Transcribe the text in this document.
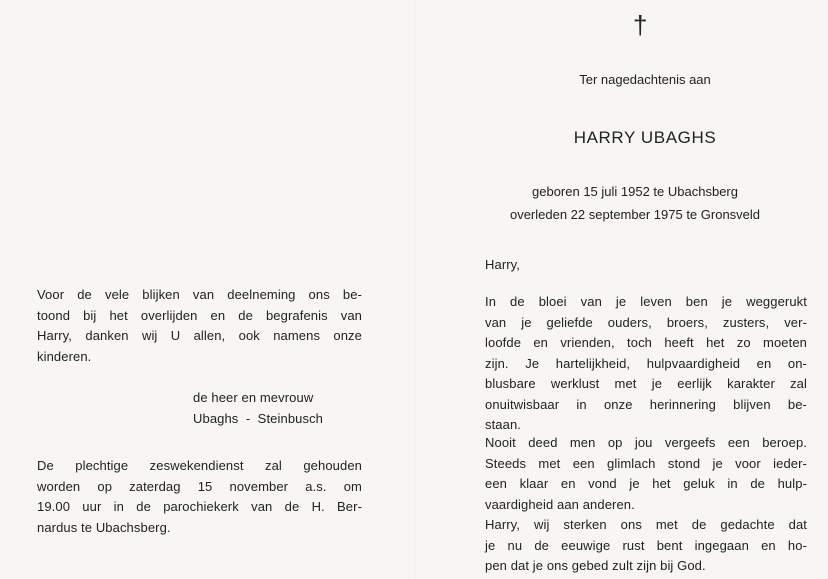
Voor de vele blijken van deelneming ons be-
toond bij het overlijden en de begrafenis van
Harry, danken wij U allen, ook namens onze
kinderen.
de heer en mevrouw
Ubaghs  -  Steinbusch
De plechtige zeswekendienst zal gehouden
worden op zaterdag 15 november a.s. om
19.00 uur in de parochiekerk van de H. Ber-
nardus te Ubachsberg.
†
Ter nagedachtenis aan
HARRY UBAGHS
geboren 15 juli 1952 te Ubachsberg
overleden 22 september 1975 te Gronsveld
Harry,
In de bloei van je leven ben je weggerukt
van je geliefde ouders, broers, zusters, ver-
loofde en vrienden, toch heeft het zo moeten
zijn. Je hartelijkheid, hulpvaardigheid en on-
blusbare werklust met je eerlijk karakter zal
onuitwisbaar in onze herinnering blijven be-
staan.
Nooit deed men op jou vergeefs een beroep.
Steeds met een glimlach stond je voor ieder-
een klaar en vond je het geluk in de hulp-
vaardigheid aan anderen.
Harry, wij sterken ons met de gedachte dat
je nu de eeuwige rust bent ingegaan en ho-
pen dat je ons gebed zult zijn bij God.
